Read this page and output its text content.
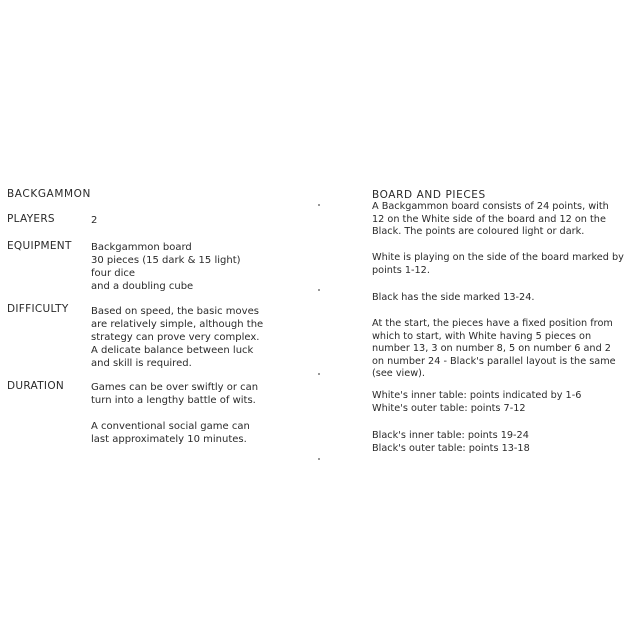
BACKGAMMON
PLAYERS	2
EQUIPMENT Backgammon board
30 pieces (15 dark & 15 light)
four dice
and a doubling cube
DIFFICULTY Based on speed, the basic moves
are relatively simple, although the
strategy can prove very complex.
A delicate balance between luck
and skill is required.
DURATION	Games can be over swiftly or can
turn into a lengthy battle of wits.
A conventional social game can
last approximately 10 minutes.
BOARD AND PIECES
A Backgammon board consists of 24 points, with
12 on the White side of the board and 12 on the
Black. The points are coloured light or dark.
White is playing on the side of the board marked by
points 1-12.
Black has the side marked 13-24.
At the start, the pieces have a fixed position from
which to start, with White having 5 pieces on
number 13, 3 on number 8, 5 on number 6 and 2
on number 24 - Black's parallel layout is the same
(see view).
White's inner table: points indicated by 1-6
White's outer table: points 7-12
Black's inner table: points 19-24
Black's outer table: points 13-18
